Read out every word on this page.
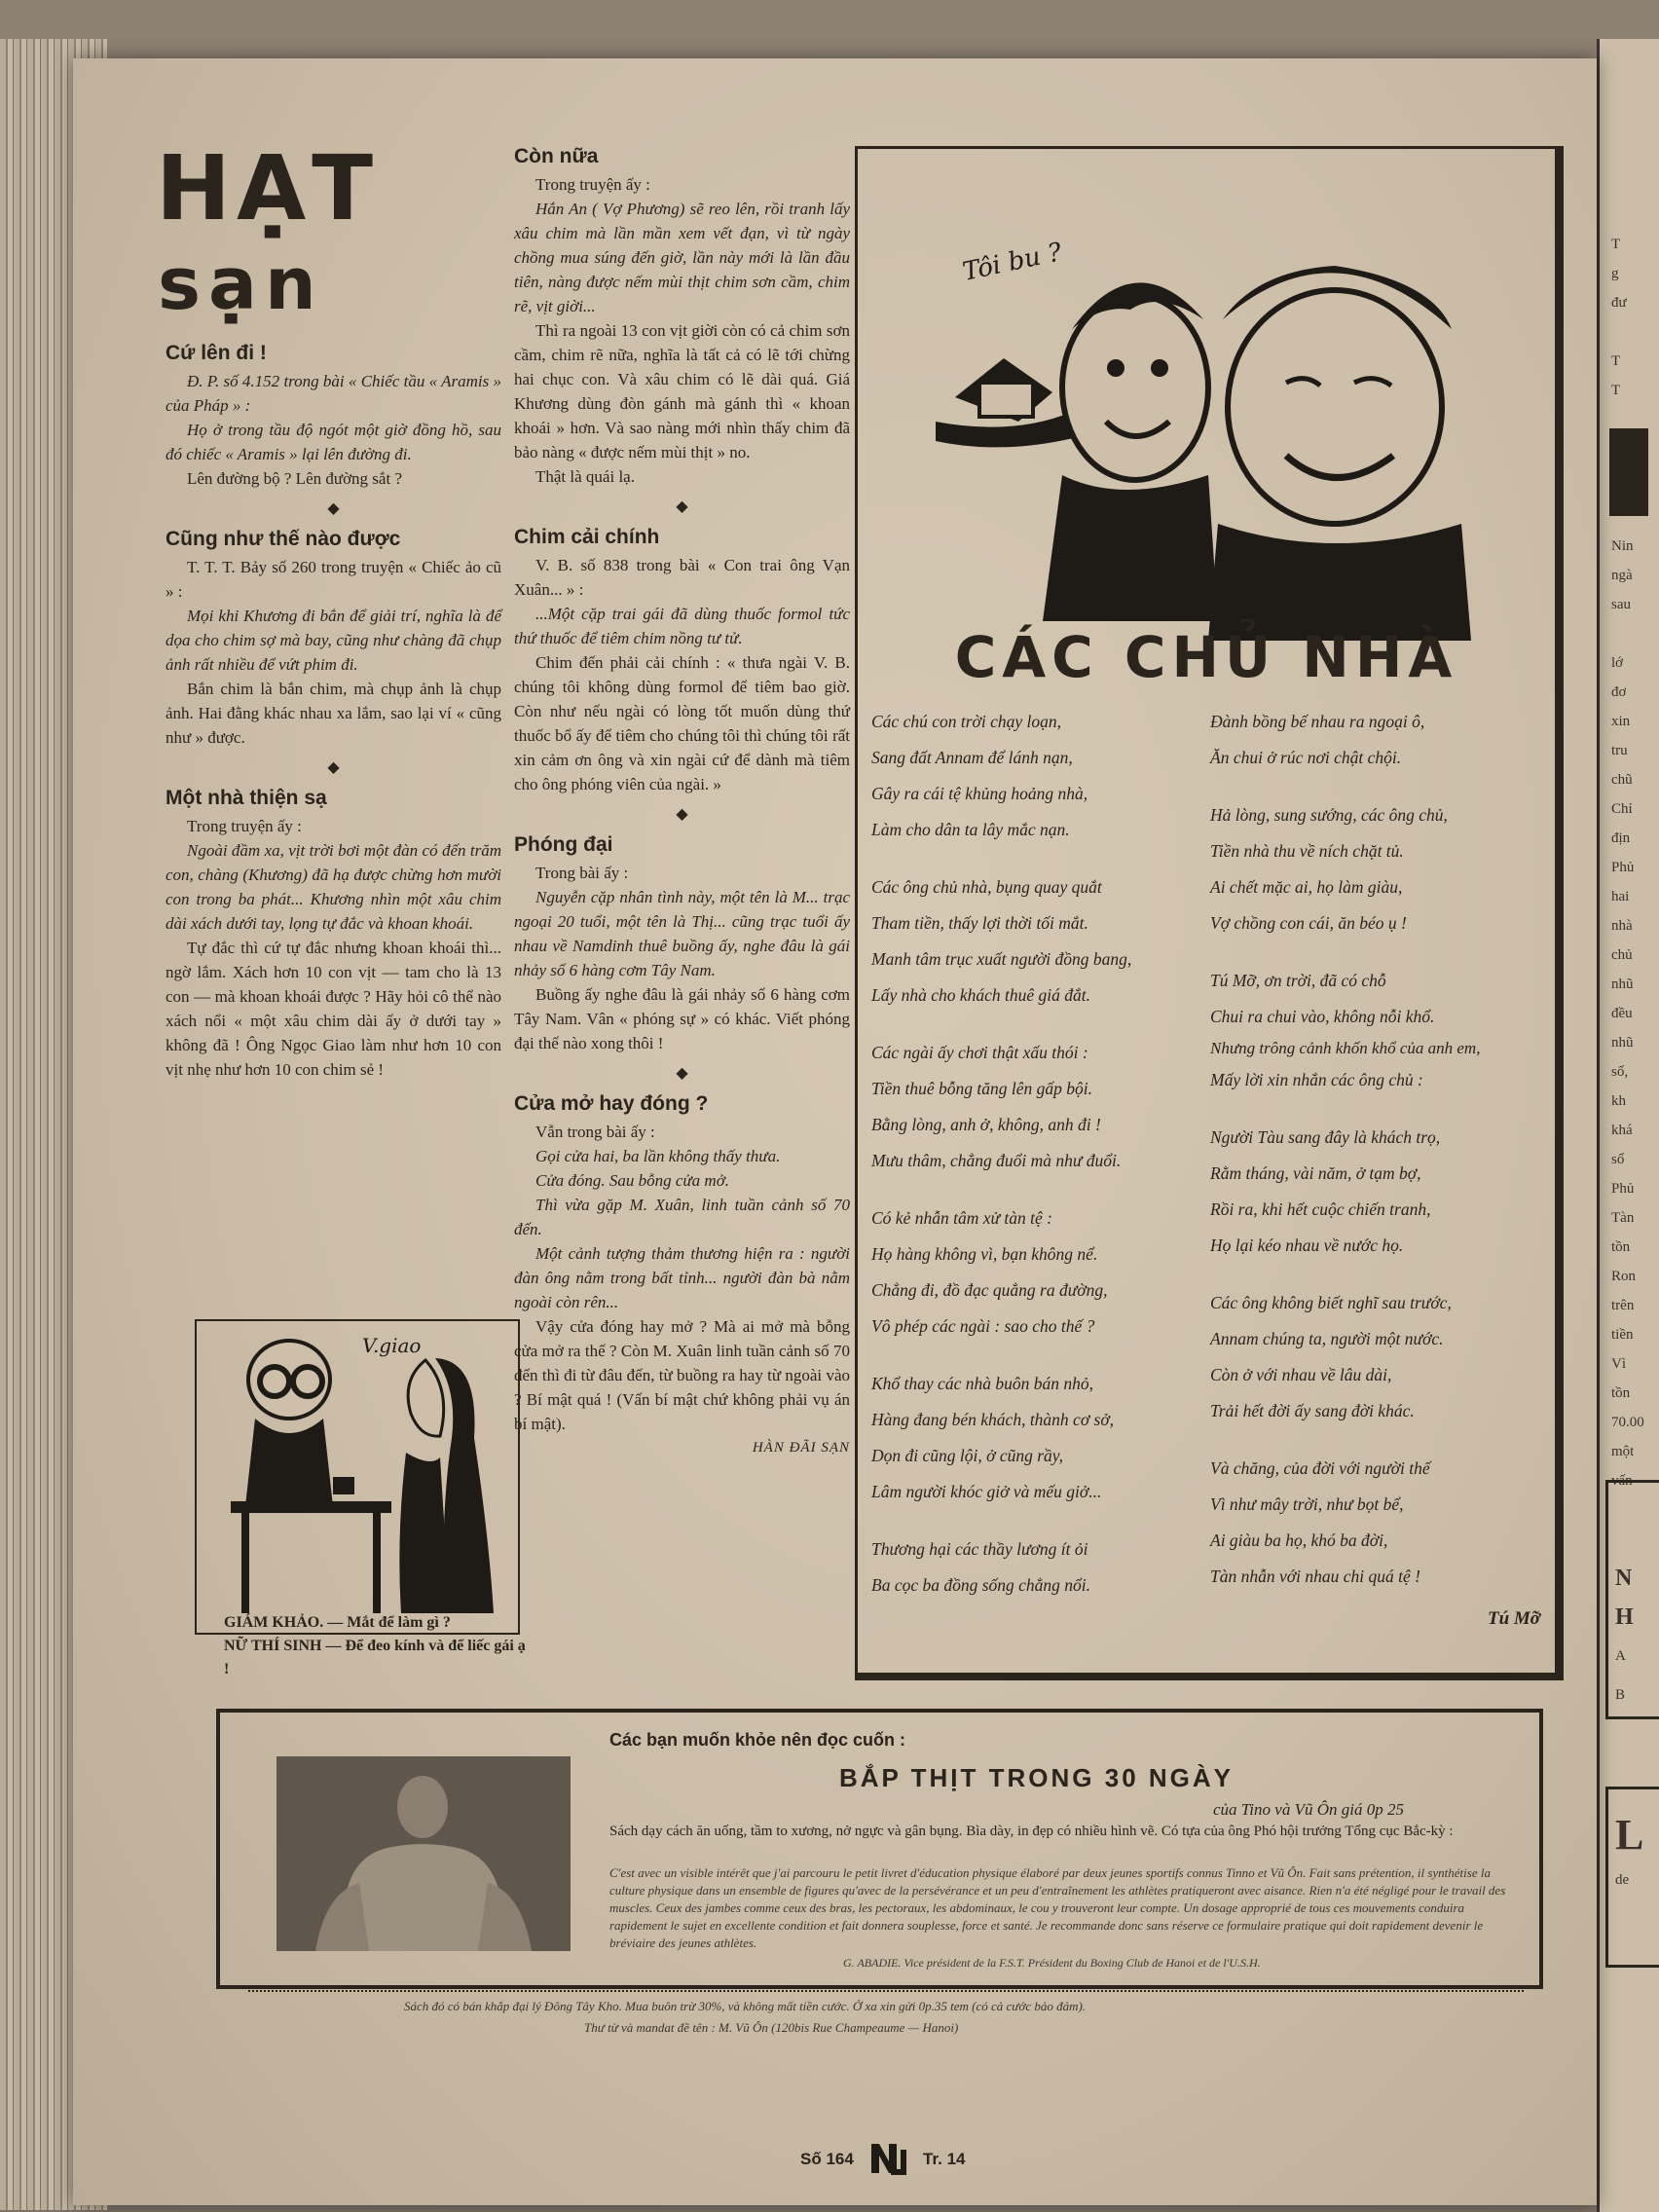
T
g
đư
T
T
Nin
ngà
sau
lớ
đơ
xin
tru
chũ
Chỉ
địn
Phủ
hai
nhà
chủ
nhũ
đều
nhũ
số,
kh
khá
số
Phủ
Tàn
tồn
Ron
trên
tiền
Vì
tồn
70.00
một
vấn
N
H
A
B
L
de
HẠT
sạn
Cứ lên đi !

Đ. P. số 4.152 trong bài « Chiếc tầu « Aramis » của Pháp » :

Họ ở trong tầu độ ngót một giờ đồng hồ, sau đó chiếc « Aramis » lại lên đường đi.

Lên đường bộ ? Lên đường sắt ?

◆
Cũng như thế nào được

T. T. T. Bảy số 260 trong truyện « Chiếc ảo cũ » :

Mọi khi Khương đi bắn để giải trí, nghĩa là để dọa cho chim sợ mà bay, cũng như chàng đã chụp ảnh rất nhiều để vứt phim đi.

Bắn chim là bắn chim, mà chụp ảnh là chụp ảnh. Hai đằng khác nhau xa lắm, sao lại ví « cũng như » được.

◆
Một nhà thiện sạ

Trong truyện ấy :

Ngoài đầm xa, vịt trời bơi một đàn có đến trăm con, chàng (Khương) đã hạ được chừng hơn mười con trong ba phát... Khương nhìn một xâu chim dài xách dưới tay, lọng tự đắc và khoan khoái.

Tự đắc thì cứ tự đắc nhưng khoan khoái thì... ngờ lắm. Xách hơn 10 con vịt — tam cho là 13 con — mà khoan khoái được ? Hãy hỏi cô thể nào xách nổi « một xâu chim dài ấy ở dưới tay » không đã ! Ông Ngọc Giao làm như hơn 10 con vịt nhẹ như hơn 10 con chim sẻ !

V.giao
GIÁM KHẢO. — Mắt để làm gì ?
NỮ THÍ SINH — Để đeo kính và để liếc gái ạ !
Còn nữa

Trong truyện ấy :

Hắn An ( Vợ Phương) sẽ reo lên, rồi tranh lấy xâu chim mà lần mần xem vết đạn, vì từ ngày chồng mua súng đến giờ, lần này mới là lần đầu tiên, nàng được nếm mùi thịt chim sơn cầm, chim rẽ, vịt giời...

Thì ra ngoài 13 con vịt giời còn có cả chim sơn cầm, chim rẽ nữa, nghĩa là tất cả có lẽ tới chừng hai chục con. Và xâu chim có lẽ dài quá. Giá Khương dùng đòn gánh mà gánh thì « khoan khoái » hơn. Và sao nàng mới nhìn thấy chim đã bảo nàng « được nếm mùi thịt » no.

Thật là quái lạ.

◆
Chim cải chính

V. B. số 838 trong bài « Con trai ông Vạn Xuân... » :

...Một cặp trai gái đã dùng thuốc formol tức thứ thuốc để tiêm chim nồng tư tử.

Chim đến phải cải chính : « thưa ngài V. B. chúng tôi không dùng formol để tiêm bao giờ. Còn như nếu ngài có lòng tốt muốn dùng thứ thuốc bổ ấy để tiêm cho chúng tôi thì chúng tôi rất xin cảm ơn ông và xin ngài cứ để dành mà tiêm cho ông phóng viên của ngài. »

◆
Phóng đại

Trong bài ấy :

Nguyễn cặp nhân tình này, một tên là M... trạc ngoại 20 tuổi, một tên là Thị... cũng trạc tuổi ấy nhau về Namdinh thuê buồng ấy, nghe đâu là gái nhảy số 6 hàng cơm Tây Nam.

Buồng ấy nghe đâu là gái nhảy số 6 hàng cơm Tây Nam. Vân « phóng sự » có khác. Viết phóng đại thế nào xong thôi !

◆
Cửa mở hay đóng ?

Vẫn trong bài ấy :

Gọi cửa hai, ba lần không thấy thưa.

Cửa đóng. Sau bỗng cửa mở.

Thì vừa gặp M. Xuân, linh tuần cảnh số 70 đến.

Một cảnh tượng thảm thương hiện ra : người đàn ông nằm trong bất tỉnh... người đàn bà nằm ngoài còn rên...

Vậy cửa đóng hay mở ? Mà ai mở mà bỗng cửa mở ra thế ? Còn M. Xuân linh tuần cảnh số 70 đến thì đi từ đâu đến, từ buồng ra hay từ ngoài vào ? Bí mật quá ! (Vấn bí mật chứ không phải vụ án bí mật).

HÀN ĐÃI SẠN
Tôi bu ?
CÁC CHỦ NHÀ
Các chú con trời chạy loạn,
Sang đất Annam để lánh nạn,
Gây ra cái tệ khủng hoảng nhà,
Làm cho dân ta lây mắc nạn.
Các ông chủ nhà, bụng quay quắt
Tham tiền, thấy lợi thời tối mắt.
Manh tâm trục xuất người đồng bang,
Lấy nhà cho khách thuê giá đắt.
Các ngài ấy chơi thật xấu thói :
Tiền thuê bỗng tăng lên gấp bội.
Bằng lòng, anh ở, không, anh đi !
Mưu thâm, chẳng đuổi mà như đuổi.
Có kẻ nhẫn tâm xử tàn tệ :
Họ hàng không vì, bạn không nể.
Chẳng đi, đồ đạc quẳng ra đường,
Vô phép các ngài : sao cho thế ?
Khổ thay các nhà buôn bán nhỏ,
Hàng đang bén khách, thành cơ sở,
Dọn đi cũng lội, ở cũng rầy,
Lâm người khóc giở và mếu giở...
Thương hại các thầy lương ít ỏi
Ba cọc ba đồng sống chẳng nổi.
Đành bồng bế nhau ra ngoại ô,
Ăn chui ở rúc nơi chật chội.
Hả lòng, sung sướng, các ông chủ,
Tiền nhà thu về ních chặt tủ.
Ai chết mặc ai, họ làm giàu,
Vợ chồng con cái, ăn béo ụ !
Tú Mỡ, ơn trời, đã có chỗ
Chui ra chui vào, không nỗi khổ.
Nhưng trông cảnh khốn khổ của anh em,
Mấy lời xin nhắn các ông chủ :
Người Tàu sang đây là khách trọ,
Rằm tháng, vài năm, ở tạm bợ,
Rồi ra, khi hết cuộc chiến tranh,
Họ lại kéo nhau về nước họ.
Các ông không biết nghĩ sau trước,
Annam chúng ta, người một nước.
Còn ở với nhau về lâu dài,
Trải hết đời ấy sang đời khác.
Và chăng, của đời với người thế
Vì như mây trời, như bọt bể,
Ai giàu ba họ, khó ba đời,
Tàn nhẫn với nhau chi quá tệ !
Tú Mỡ
Các bạn muốn khỏe nên đọc cuốn :
BẮP THỊT TRONG 30 NGÀY
của Tino và Vũ Ôn giá 0p 25
Sách dạy cách ăn uống, tầm to xương, nở ngực và gân bụng. Bìa dày, in đẹp có nhiều hình vẽ. Có tựa của ông Phó hội trưởng Tổng cục Bắc-kỳ :
C'est avec un visible intérêt que j'ai parcouru le petit livret d'éducation physique élaboré par deux jeunes sportifs connus Tinno et Vũ Ôn. Fait sans prétention, il synthétise la culture physique dans un ensemble de figures qu'avec de la persévérance et un peu d'entraînement les athlètes pratiqueront avec aisance. Rien n'a été négligé pour le travail des muscles. Ceux des jambes comme ceux des bras, les pectoraux, les abdominaux, le cou y trouveront leur compte. Un dosage approprié de tous ces mouvements conduira rapidement le sujet en excellente condition et fait donnera souplesse, force et santé. Je recommande donc sans réserve ce formulaire pratique qui doit rapidement devenir le bréviaire des jeunes athlètes.
G. ABADIE. Vice président de la F.S.T. Président du Boxing Club de Hanoi et de l'U.S.H.
Sách đó có bán khắp đại lý Đông Tây Kho. Mua buôn trừ 30%, và không mất tiền cước. Ở xa xin gửi 0p.35 tem (có cả cước bảo đảm).
Thư từ và mandat đề tên : M. Vũ Ôn (120bis Rue Champeaume — Hanoi)
Số 164	Tr. 14
